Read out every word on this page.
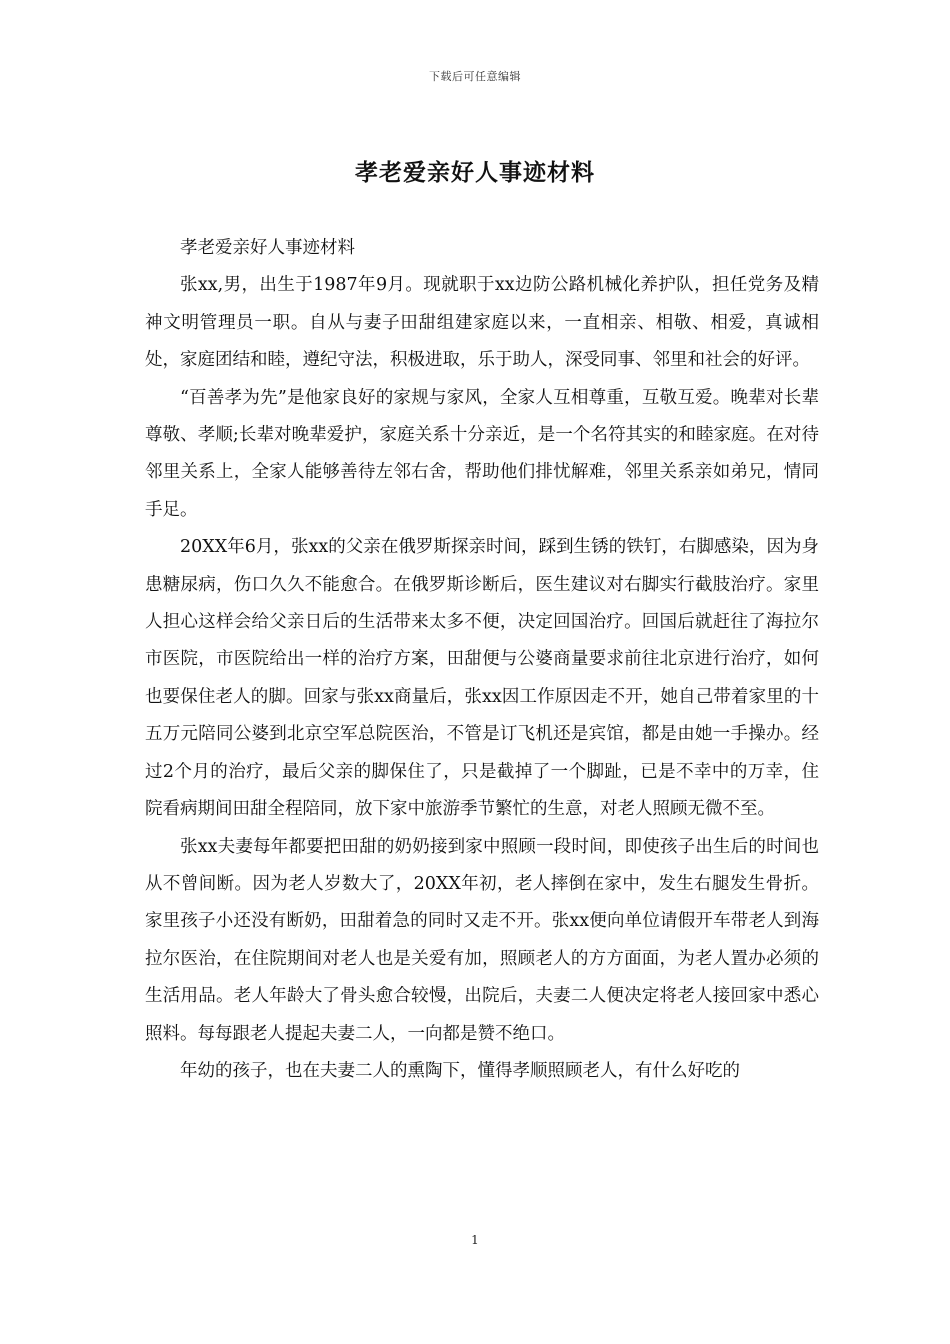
下载后可任意编辑
孝老爱亲好人事迹材料

孝老爱亲好人事迹材料

张xx,男，出生于1987年9月。现就职于xx边防公路机械化养护队，担任党务及精神文明管理员一职。自从与妻子田甜组建家庭以来，一直相亲、相敬、相爱，真诚相处，家庭团结和睦，遵纪守法，积极进取，乐于助人，深受同事、邻里和社会的好评。

“百善孝为先”是他家良好的家规与家风，全家人互相尊重，互敬互爱。晚辈对长辈尊敬、孝顺;长辈对晚辈爱护，家庭关系十分亲近，是一个名符其实的和睦家庭。在对待邻里关系上，全家人能够善待左邻右舍，帮助他们排忧解难，邻里关系亲如弟兄，情同手足。

20XX年6月，张xx的父亲在俄罗斯探亲时间，踩到生锈的铁钉，右脚感染，因为身患糖尿病，伤口久久不能愈合。在俄罗斯诊断后，医生建议对右脚实行截肢治疗。家里人担心这样会给父亲日后的生活带来太多不便，决定回国治疗。回国后就赶往了海拉尔市医院，市医院给出一样的治疗方案，田甜便与公婆商量要求前往北京进行治疗，如何也要保住老人的脚。回家与张xx商量后，张xx因工作原因走不开，她自己带着家里的十五万元陪同公婆到北京空军总院医治，不管是订飞机还是宾馆，都是由她一手操办。经过2个月的治疗，最后父亲的脚保住了，只是截掉了一个脚趾，已是不幸中的万幸，住院看病期间田甜全程陪同，放下家中旅游季节繁忙的生意，对老人照顾无微不至。

张xx夫妻每年都要把田甜的奶奶接到家中照顾一段时间，即使孩子出生后的时间也从不曾间断。因为老人岁数大了，20XX年初，老人摔倒在家中，发生右腿发生骨折。家里孩子小还没有断奶，田甜着急的同时又走不开。张xx便向单位请假开车带老人到海拉尔医治，在住院期间对老人也是关爱有加，照顾老人的方方面面，为老人置办必须的生活用品。老人年龄大了骨头愈合较慢，出院后，夫妻二人便决定将老人接回家中悉心照料。每每跟老人提起夫妻二人，一向都是赞不绝口。

年幼的孩子，也在夫妻二人的熏陶下，懂得孝顺照顾老人，有什么好吃的

1
